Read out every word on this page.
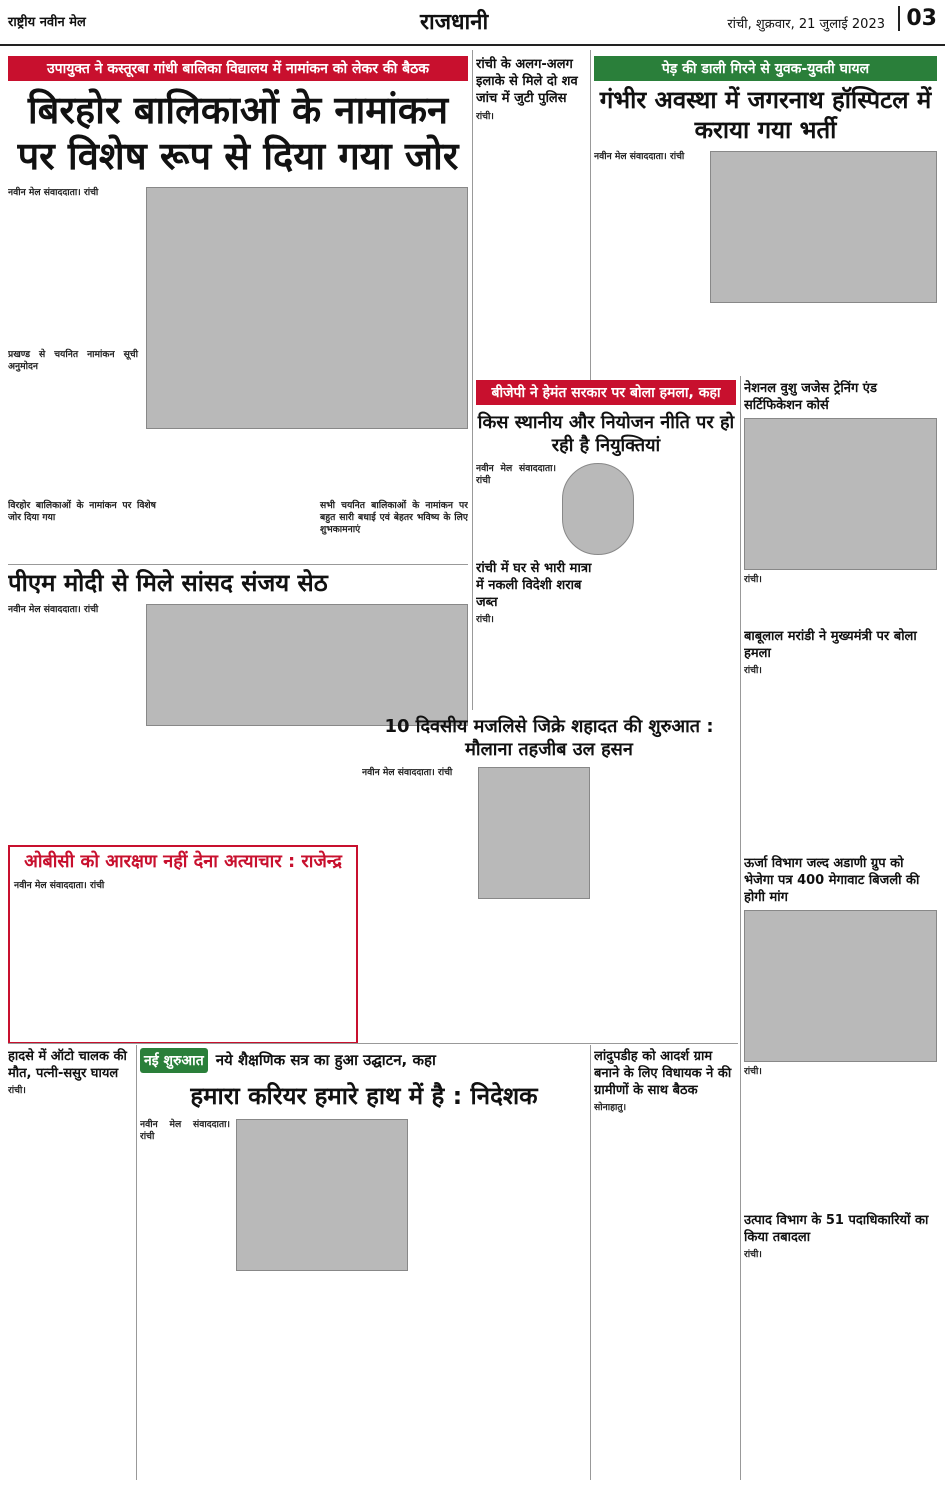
राष्ट्रीय नवीन मेल	राजधानी	रांची, शुक्रवार, 21 जुलाई 2023 03
उपायुक्त ने कस्तूरबा गांधी बालिका विद्यालय में नामांकन को लेकर की बैठक
बिरहोर बालिकाओं के नामांकन पर विशेष रूप से दिया गया जोर
नवीन मेल संवाददाता। रांची
प्रखण्ड से चयनित नामांकन सूची अनुमोदन
विरहोर बालिकाओं के नामांकन पर विशेष जोर दिया गया
सभी चयनित बालिकाओं के नामांकन पर बहुत सारी बधाई एवं बेहतर भविष्य के लिए शुभकामनाएं
रांची के अलग-अलग इलाके से मिले दो शव जांच में जुटी पुलिस
रांची।
पेड़ की डाली गिरने से युवक-युवती घायल
गंभीर अवस्था में जगरनाथ हॉस्पिटल में कराया गया भर्ती
नवीन मेल संवाददाता। रांची
बीजेपी ने हेमंत सरकार पर बोला हमला, कहा
किस स्थानीय और नियोजन नीति पर हो रही है नियुक्तियां
नवीन मेल संवाददाता। रांची
नेशनल वुशु जजेस ट्रेनिंग एंड सर्टिफिकेशन कोर्स
रांची।
पीएम मोदी से मिले सांसद संजय सेठ
नवीन मेल संवाददाता। रांची
रांची में घर से भारी मात्रा में नकली विदेशी शराब जब्त
रांची।
बाबूलाल मरांडी ने मुख्यमंत्री पर बोला हमला
रांची।
10 दिवसीय मजलिसे जिक्रे शहादत की शुरुआत : मौलाना तहजीब उल हसन
नवीन मेल संवाददाता। रांची
ओबीसी को आरक्षण नहीं देना अत्याचार : राजेन्द्र
नवीन मेल संवाददाता। रांची
ऊर्जा विभाग जल्द अडाणी ग्रुप को भेजेगा पत्र 400 मेगावाट बिजली की होगी मांग
रांची।
हादसे में ऑटो चालक की मौत, पत्नी-ससुर घायल
रांची।
नई शुरुआत नये शैक्षणिक सत्र का हुआ उद्घाटन, कहा
हमारा करियर हमारे हाथ में है : निदेशक
नवीन मेल संवाददाता। रांची
लांदुपडीह को आदर्श ग्राम बनाने के लिए विधायक ने की ग्रामीणों के साथ बैठक
सोनाहातु।
उत्पाद विभाग के 51 पदाधिकारियों का किया तबादला
रांची।
